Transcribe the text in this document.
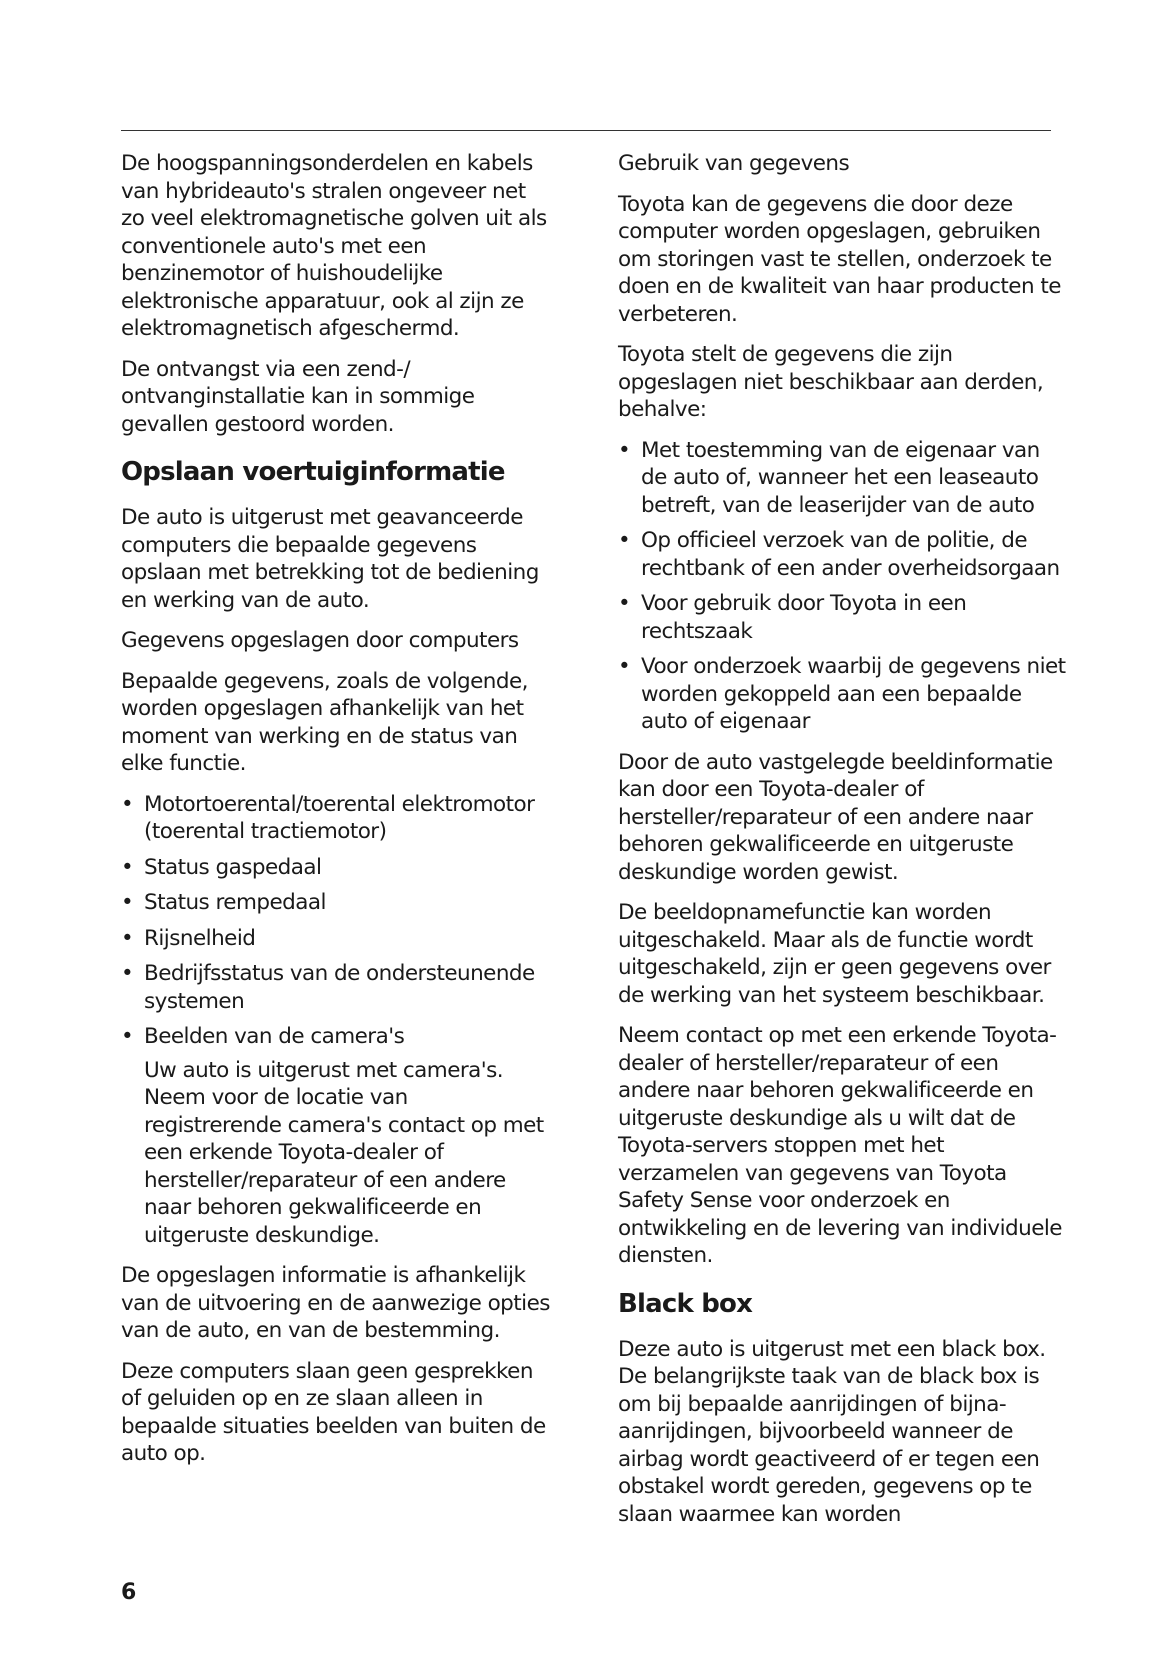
De hoogspanningsonderdelen en kabels van hybrideauto's stralen ongeveer net zo veel elektromagnetische golven uit als conventionele auto's met een benzinemotor of huishoudelijke elektronische apparatuur, ook al zijn ze elektromagnetisch afgeschermd.

De ontvangst via een zend-/ ontvanginstallatie kan in sommige gevallen gestoord worden.

Opslaan voertuiginformatie

De auto is uitgerust met geavanceerde computers die bepaalde gegevens opslaan met betrekking tot de bediening en werking van de auto.

Gegevens opgeslagen door computers

Bepaalde gegevens, zoals de volgende, worden opgeslagen afhankelijk van het moment van werking en de status van elke functie.

• Motortoerental/toerental elektromotor (toerental tractiemotor)
• Status gaspedaal
• Status rempedaal
• Rijsnelheid
• Bedrijfsstatus van de ondersteunende systemen
• Beelden van de camera's

Uw auto is uitgerust met camera's. Neem voor de locatie van registrerende camera's contact op met een erkende Toyota-dealer of hersteller/reparateur of een andere naar behoren gekwalificeerde en uitgeruste deskundige.

De opgeslagen informatie is afhankelijk van de uitvoering en de aanwezige opties van de auto, en van de bestemming.

Deze computers slaan geen gesprekken of geluiden op en ze slaan alleen in bepaalde situaties beelden van buiten de auto op.

Gebruik van gegevens

Toyota kan de gegevens die door deze computer worden opgeslagen, gebruiken om storingen vast te stellen, onderzoek te doen en de kwaliteit van haar producten te verbeteren.

Toyota stelt de gegevens die zijn opgeslagen niet beschikbaar aan derden, behalve:

• Met toestemming van de eigenaar van de auto of, wanneer het een leaseauto betreft, van de leaserijder van de auto
• Op officieel verzoek van de politie, de rechtbank of een ander overheidsorgaan
• Voor gebruik door Toyota in een rechtszaak
• Voor onderzoek waarbij de gegevens niet worden gekoppeld aan een bepaalde auto of eigenaar

Door de auto vastgelegde beeldinformatie kan door een Toyota-dealer of hersteller/reparateur of een andere naar behoren gekwalificeerde en uitgeruste deskundige worden gewist.

De beeldopnamefunctie kan worden uitgeschakeld. Maar als de functie wordt uitgeschakeld, zijn er geen gegevens over de werking van het systeem beschikbaar.

Neem contact op met een erkende Toyota-dealer of hersteller/reparateur of een andere naar behoren gekwalificeerde en uitgeruste deskundige als u wilt dat de Toyota-servers stoppen met het verzamelen van gegevens van Toyota Safety Sense voor onderzoek en ontwikkeling en de levering van individuele diensten.

Black box

Deze auto is uitgerust met een black box. De belangrijkste taak van de black box is om bij bepaalde aanrijdingen of bijna-aanrijdingen, bijvoorbeeld wanneer de airbag wordt geactiveerd of er tegen een obstakel wordt gereden, gegevens op te slaan waarmee kan worden

6
